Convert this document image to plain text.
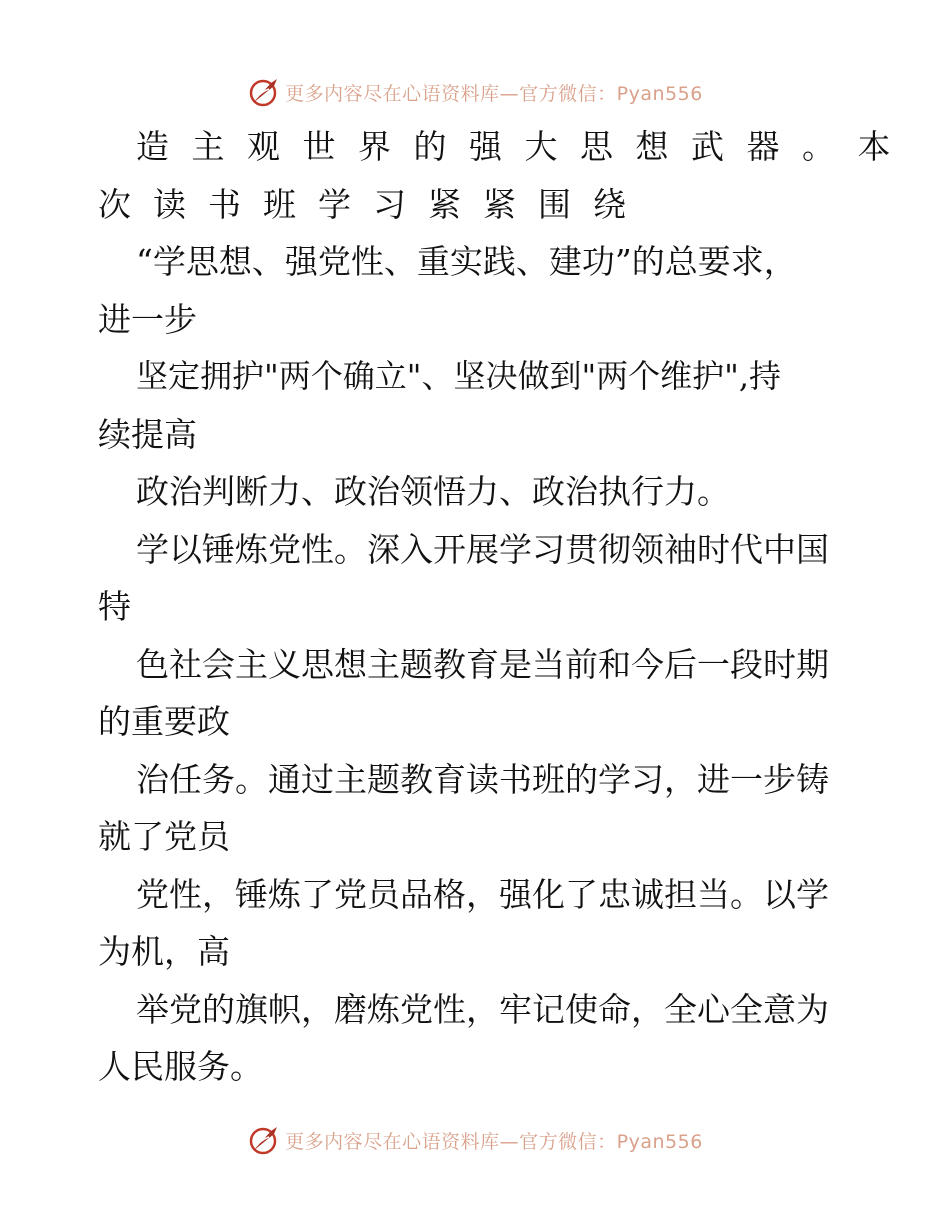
更多内容尽在心语资料库—官方微信：Pyan556
造主观世界的强大思想武器。本
次读书班学习紧紧围绕
“学思想、强党性、重实践、建功”的总要求，
进一步
坚定拥护"两个确立"、坚决做到"两个维护",持
续提高
政治判断力、政治领悟力、政治执行力。
学以锤炼党性。深入开展学习贯彻领袖时代中国
特
色社会主义思想主题教育是当前和今后一段时期
的重要政
治任务。通过主题教育读书班的学习，进一步铸
就了党员
党性，锤炼了党员品格，强化了忠诚担当。以学
为机，高
举党的旗帜，磨炼党性，牢记使命，全心全意为
人民服务。
更多内容尽在心语资料库—官方微信：Pyan556
